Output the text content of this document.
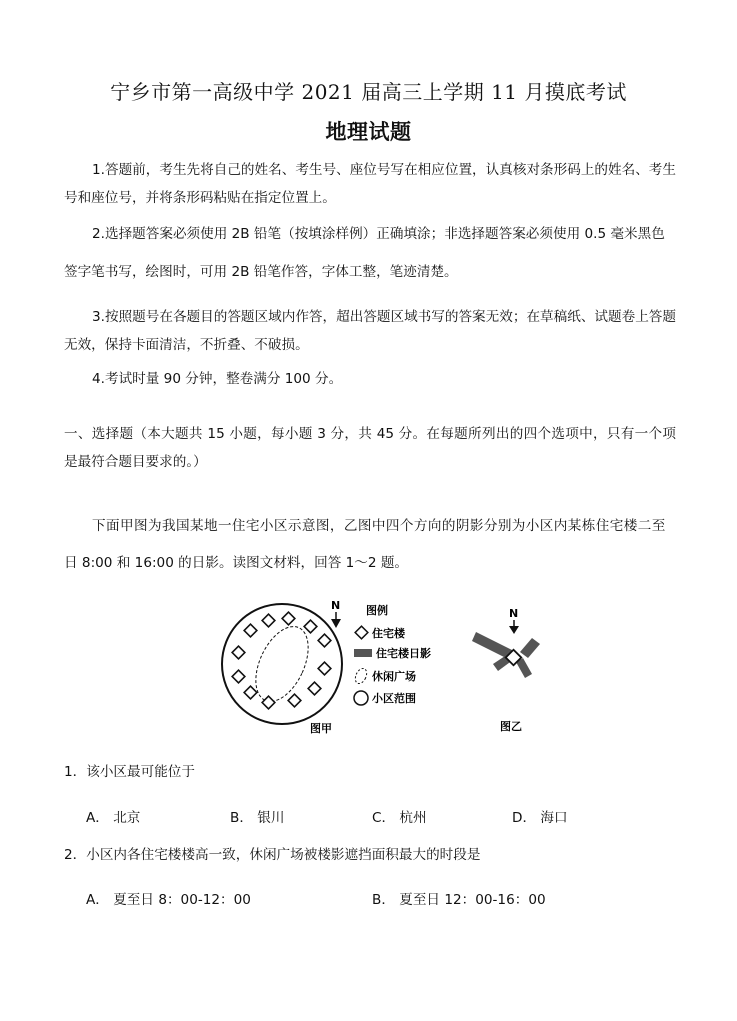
宁乡市第一高级中学 2021 届高三上学期 11 月摸底考试
地理试题
1.答题前，考生先将自己的姓名、考生号、座位号写在相应位置，认真核对条形码上的姓名、考生号和座位号，并将条形码粘贴在指定位置上。
2.选择题答案必须使用 2B 铅笔（按填涂样例）正确填涂；非选择题答案必须使用 0.5 毫米黑色
签字笔书写，绘图时，可用 2B 铅笔作答，字体工整，笔迹清楚。
3.按照题号在各题目的答题区域内作答，超出答题区域书写的答案无效；在草稿纸、试题卷上答题无效，保持卡面清洁，不折叠、不破损。
4.考试时量 90 分钟，整卷满分 100 分。
一、选择题（本大题共 15 小题，每小题 3 分，共 45 分。在每题所列出的四个选项中，只有一个项是最符合题目要求的。）
下面甲图为我国某地一住宅小区示意图，乙图中四个方向的阴影分别为小区内某栋住宅楼二至
日 8:00 和 16:00 的日影。读图文材料，回答 1～2 题。
图甲
N 图例
住宅楼
住宅楼日影
休闲广场
小区范围
N
图乙
1．该小区最可能位于
A． 北京	B． 银川	C． 杭州	D． 海口
2．小区内各住宅楼楼高一致，休闲广场被楼影遮挡面积最大的时段是
A． 夏至日 8：00-12：00	B． 夏至日 12：00-16：00
